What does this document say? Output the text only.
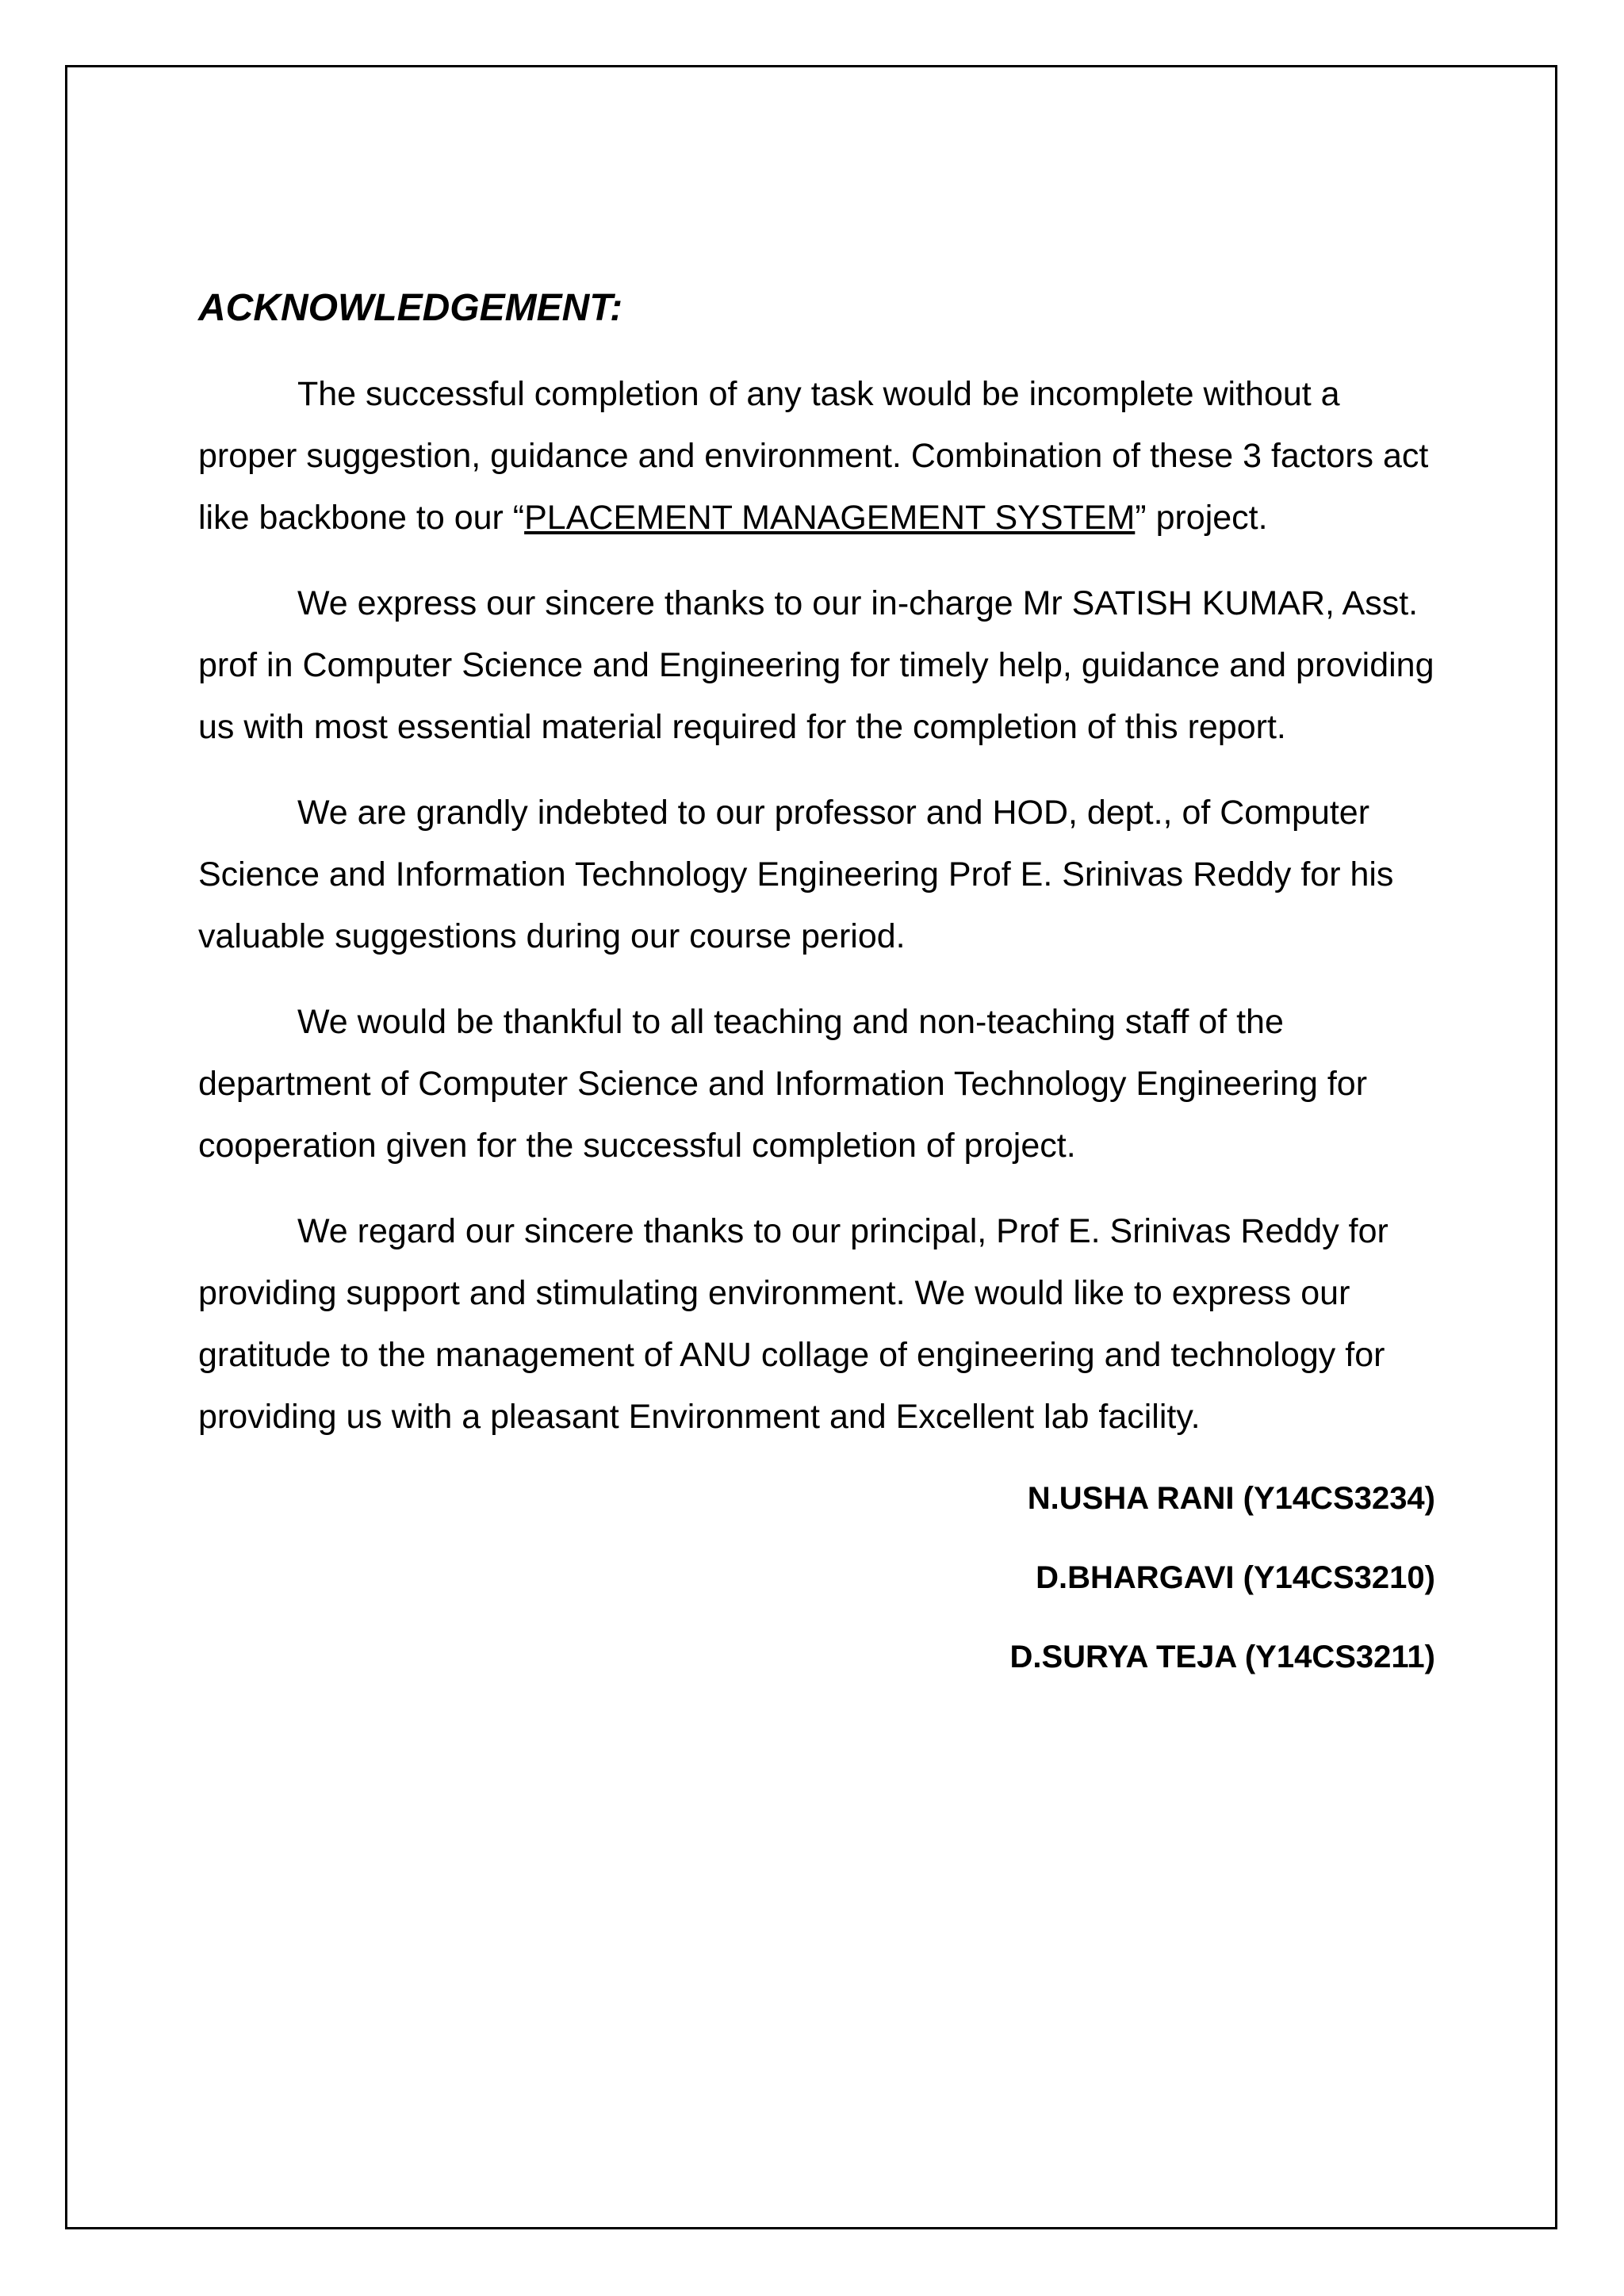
ACKNOWLEDGEMENT:

The successful completion of any task would be incomplete without a proper suggestion, guidance and environment. Combination of these 3 factors act like backbone to our “PLACEMENT MANAGEMENT SYSTEM” project.

We express our sincere thanks to our in-charge Mr SATISH KUMAR, Asst. prof in Computer Science and Engineering for timely help, guidance and providing us with most essential material required for the completion of this report.

We are grandly indebted to our professor and HOD, dept., of Computer Science and Information Technology Engineering Prof E. Srinivas Reddy for his valuable suggestions during our course period.

We would be thankful to all teaching and non-teaching staff of the department of Computer Science and Information Technology Engineering for cooperation given for the successful completion of project.

We regard our sincere thanks to our principal, Prof E. Srinivas Reddy for providing support and stimulating environment. We would like to express our gratitude to the management of ANU collage of engineering and technology for providing us with a pleasant Environment and Excellent lab facility.

N.USHA RANI (Y14CS3234)
D.BHARGAVI (Y14CS3210)
D.SURYA TEJA (Y14CS3211)
